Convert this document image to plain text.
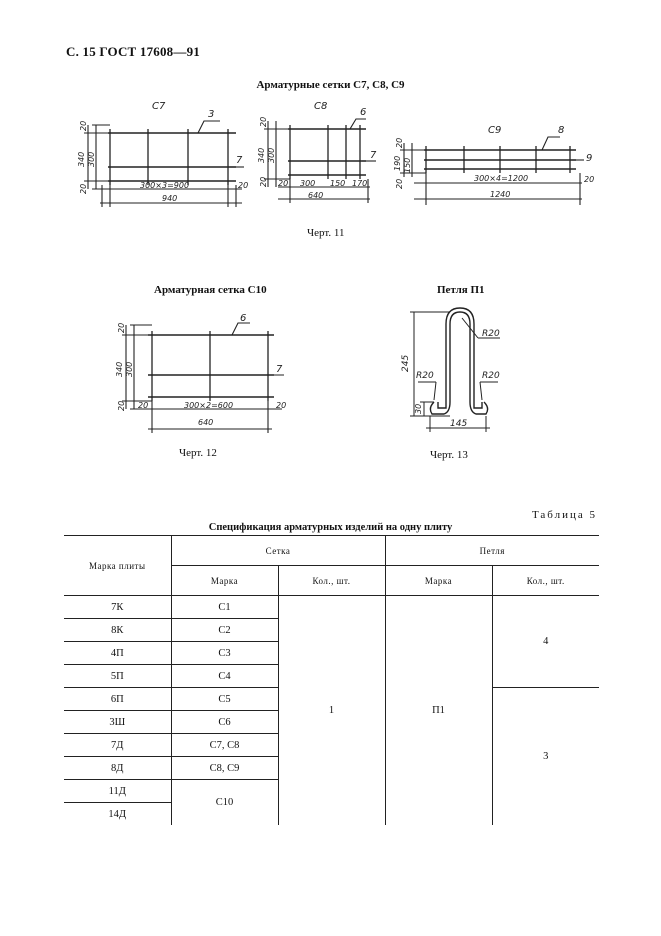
С. 15 ГОСТ 17608—91
Арматурные сетки С7, С8, С9
С7
3
7
20
300
340
20	300×3=900	20
940
С8
6
7
20
300
340
20 20 300 150 170
640
С9	8
9
20
150
190
20
300×4=1200	20
1240
Черт. 11
Арматурная сетка С10	Петля П1
6
7
20
300
340
20 20	300×2=600	20
640
Черт. 12
R20
R20	R20
245
30
145
Черт. 13
Таблица 5
Спецификация арматурных изделий на одну плиту
Марка плиты	Сетка		Петля	
	Марка	Кол., шт.	Марка	Кол., шт.
7К	С1	1	П1	4
8К	С2			
4П	С3			
5П	С4			
6П	С5			3
3Ш	С6			
7Д	С7, С8			
8Д	С8, С9			
11Д	С10			
14Д				
